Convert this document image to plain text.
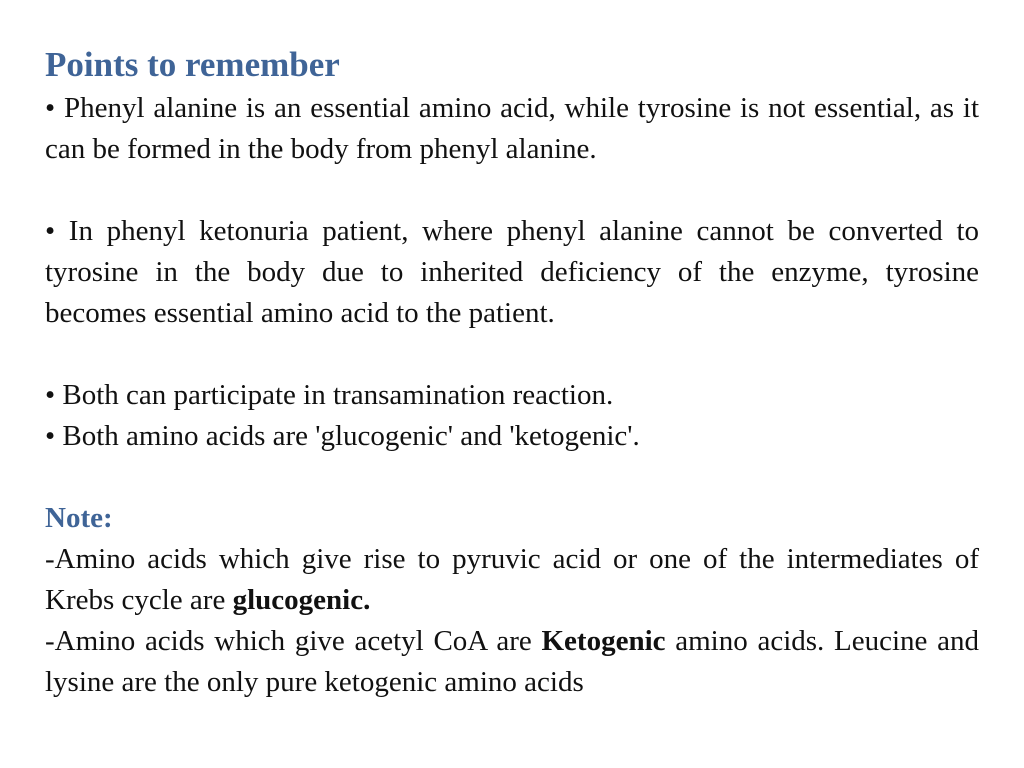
Points to remember

• Phenyl alanine is an essential amino acid, while tyrosine is not essential, as it can be formed in the body from phenyl alanine.

• In phenyl ketonuria patient, where phenyl alanine cannot be converted to tyrosine in the body due to inherited deficiency of the enzyme, tyrosine becomes essential amino acid to the patient.

• Both can participate in transamination reaction.

• Both amino acids are 'glucogenic' and 'ketogenic'.

Note:

-Amino acids which give rise to pyruvic acid or one of the intermediates of Krebs cycle are glucogenic.

-Amino acids which give acetyl CoA are Ketogenic amino acids. Leucine and lysine are the only pure ketogenic amino acids
